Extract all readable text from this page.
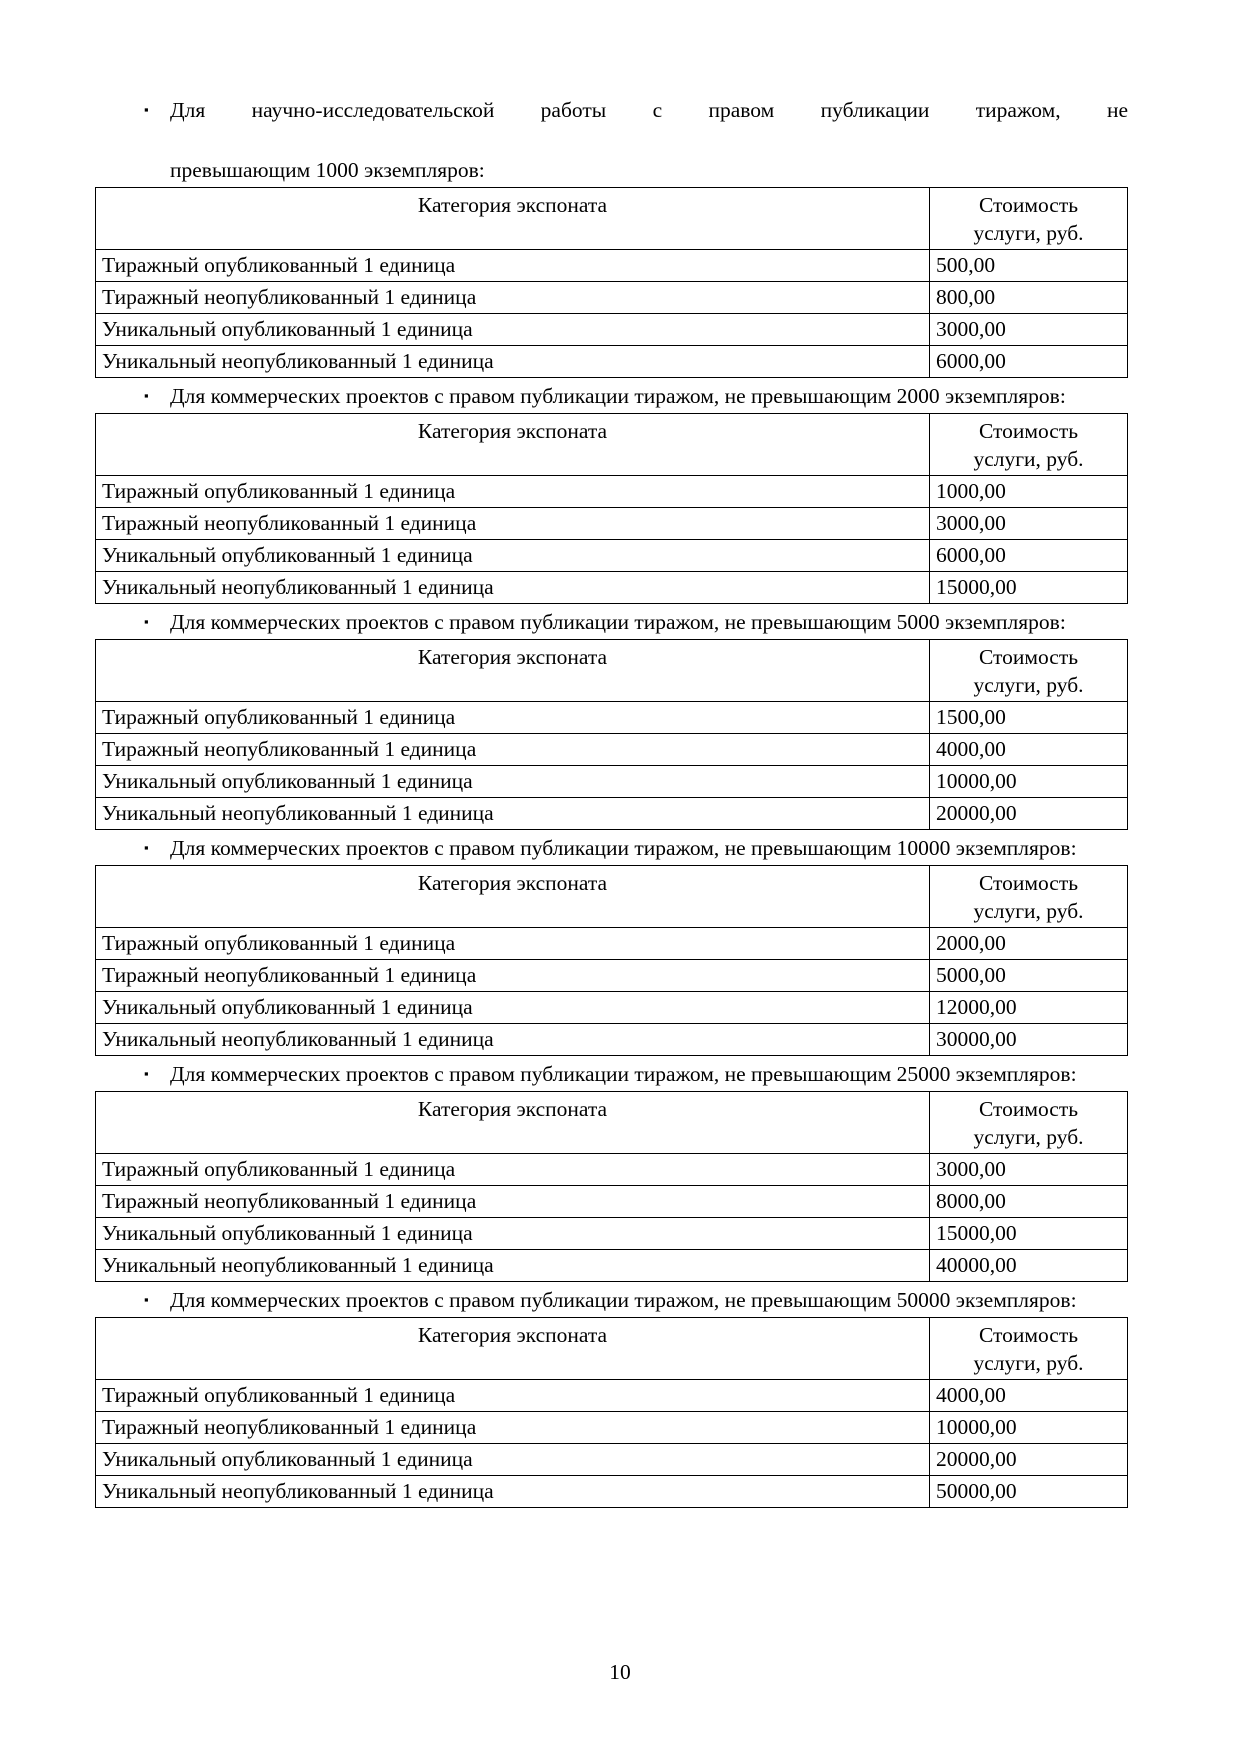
▪ Для научно-исследовательской работы с правом публикации тиражом, не
превышающим 1000 экземпляров:
Категория экспоната	Стоимость
услуги, руб.

Тиражный опубликованный 1 единица	500,00
Тиражный неопубликованный 1 единица	800,00
Уникальный опубликованный 1 единица	3000,00
Уникальный неопубликованный 1 единица	6000,00
▪ Для коммерческих проектов с правом публикации тиражом, не превышающим 2000 экземпляров:
Категория экспоната	Стоимость
услуги, руб.

Тиражный опубликованный 1 единица	1000,00
Тиражный неопубликованный 1 единица	3000,00
Уникальный опубликованный 1 единица	6000,00
Уникальный неопубликованный 1 единица	15000,00
▪ Для коммерческих проектов с правом публикации тиражом, не превышающим 5000 экземпляров:
Категория экспоната	Стоимость
услуги, руб.

Тиражный опубликованный 1 единица	1500,00
Тиражный неопубликованный 1 единица	4000,00
Уникальный опубликованный 1 единица	10000,00
Уникальный неопубликованный 1 единица	20000,00
▪ Для коммерческих проектов с правом публикации тиражом, не превышающим 10000 экземпляров:
Категория экспоната	Стоимость
услуги, руб.

Тиражный опубликованный 1 единица	2000,00
Тиражный неопубликованный 1 единица	5000,00
Уникальный опубликованный 1 единица	12000,00
Уникальный неопубликованный 1 единица	30000,00
▪ Для коммерческих проектов с правом публикации тиражом, не превышающим 25000 экземпляров:
Категория экспоната	Стоимость
услуги, руб.

Тиражный опубликованный 1 единица	3000,00
Тиражный неопубликованный 1 единица	8000,00
Уникальный опубликованный 1 единица	15000,00
Уникальный неопубликованный 1 единица	40000,00
▪ Для коммерческих проектов с правом публикации тиражом, не превышающим 50000 экземпляров:
Категория экспоната	Стоимость
услуги, руб.

Тиражный опубликованный 1 единица	4000,00
Тиражный неопубликованный 1 единица	10000,00
Уникальный опубликованный 1 единица	20000,00
Уникальный неопубликованный 1 единица	50000,00
10
